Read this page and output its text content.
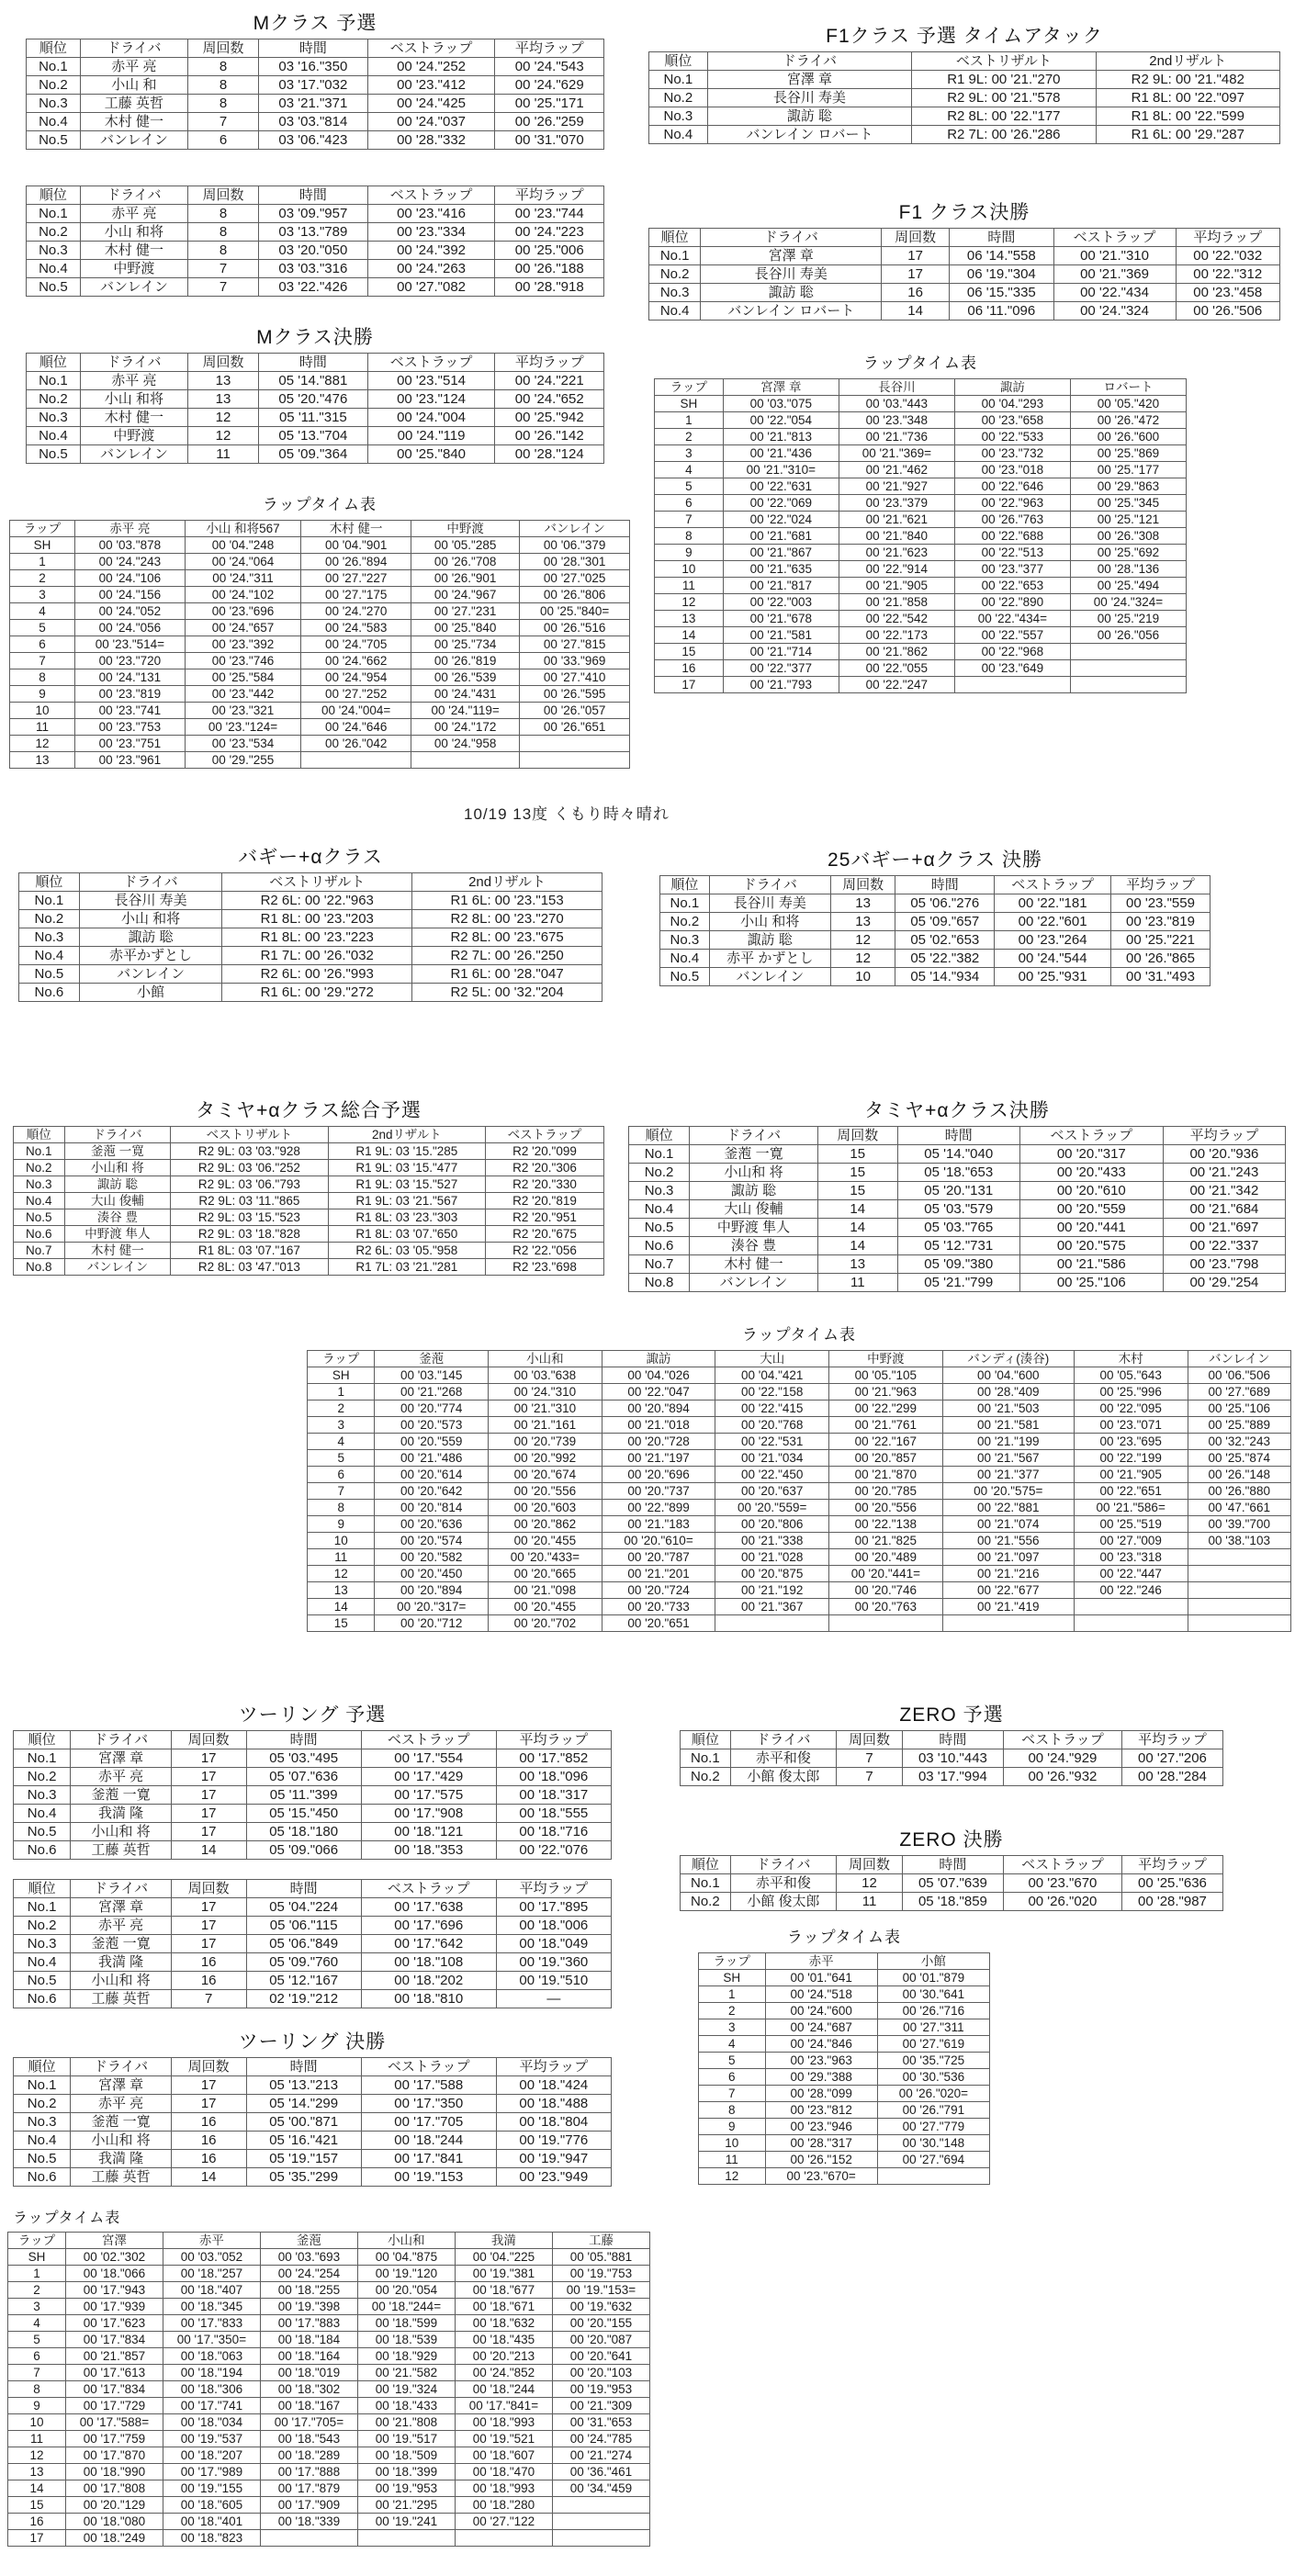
Mクラス 予選
順位	ドライバ	周回数	時間	ベストラップ	平均ラップ
No.1	赤平 亮	8	03 '16."350	00 '24."252	00 '24."543
No.2	小山 和	8	03 '17."032	00 '23."412	00 '24."629
No.3	工藤 英哲	8	03 '21."371	00 '24."425	00 '25."171
No.4	木村 健一	7	03 '03."814	00 '24."037	00 '26."259
No.5	バンレイン	6	03 '06."423	00 '28."332	00 '31."070
順位	ドライバ	周回数	時間	ベストラップ	平均ラップ
No.1	赤平 亮	8	03 '09."957	00 '23."416	00 '23."744
No.2	小山 和将	8	03 '13."789	00 '23."334	00 '24."223
No.3	木村 健一	8	03 '20."050	00 '24."392	00 '25."006
No.4	中野渡	7	03 '03."316	00 '24."263	00 '26."188
No.5	バンレイン	7	03 '22."426	00 '27."082	00 '28."918
Mクラス決勝
順位	ドライバ	周回数	時間	ベストラップ	平均ラップ
No.1	赤平 亮	13	05 '14."881	00 '23."514	00 '24."221
No.2	小山 和将	13	05 '20."476	00 '23."124	00 '24."652
No.3	木村 健一	12	05 '11."315	00 '24."004	00 '25."942
No.4	中野渡	12	05 '13."704	00 '24."119	00 '26."142
No.5	バンレイン	11	05 '09."364	00 '25."840	00 '28."124
ラップタイム表
ラップ	赤平 亮	小山 和将567	木村 健一	中野渡	バンレイン
SH	00 '03."878	00 '04."248	00 '04."901	00 '05."285	00 '06."379
1	00 '24."243	00 '24."064	00 '26."894	00 '26."708	00 '28."301
2	00 '24."106	00 '24."311	00 '27."227	00 '26."901	00 '27."025
3	00 '24."156	00 '24."102	00 '27."175	00 '24."967	00 '26."806
4	00 '24."052	00 '23."696	00 '24."270	00 '27."231	00 '25."840=
5	00 '24."056	00 '24."657	00 '24."583	00 '25."840	00 '26."516
6	00 '23."514=	00 '23."392	00 '24."705	00 '25."734	00 '27."815
7	00 '23."720	00 '23."746	00 '24."662	00 '26."819	00 '33."969
8	00 '24."131	00 '25."584	00 '24."954	00 '26."539	00 '27."410
9	00 '23."819	00 '23."442	00 '27."252	00 '24."431	00 '26."595
10	00 '23."741	00 '23."321	00 '24."004=	00 '24."119=	00 '26."057
11	00 '23."753	00 '23."124=	00 '24."646	00 '24."172	00 '26."651
12	00 '23."751	00 '23."534	00 '26."042	00 '24."958	
13	00 '23."961	00 '29."255			
F1クラス 予選 タイムアタック
順位	ドライバ	ベストリザルト	2ndリザルト
No.1	宮澤 章	R1 9L: 00 '21."270	R2 9L: 00 '21."482
No.2	長谷川 寿美	R2 9L: 00 '21."578	R1 8L: 00 '22."097
No.3	諏訪 聡	R2 8L: 00 '22."177	R1 8L: 00 '22."599
No.4	バンレイン ロバート	R2 7L: 00 '26."286	R1 6L: 00 '29."287
F1 クラス決勝
順位	ドライバ	周回数	時間	ベストラップ	平均ラップ
No.1	宮澤 章	17	06 '14."558	00 '21."310	00 '22."032
No.2	長谷川 寿美	17	06 '19."304	00 '21."369	00 '22."312
No.3	諏訪 聡	16	06 '15."335	00 '22."434	00 '23."458
No.4	バンレイン ロバート	14	06 '11."096	00 '24."324	00 '26."506
ラップタイム表
ラップ	宮澤 章	長谷川	諏訪	ロバート
SH	00 '03."075	00 '03."443	00 '04."293	00 '05."420
1	00 '22."054	00 '23."348	00 '23."658	00 '26."472
2	00 '21."813	00 '21."736	00 '22."533	00 '26."600
3	00 '21."436	00 '21."369=	00 '23."732	00 '25."869
4	00 '21."310=	00 '21."462	00 '23."018	00 '25."177
5	00 '22."631	00 '21."927	00 '22."646	00 '29."863
6	00 '22."069	00 '23."379	00 '22."963	00 '25."345
7	00 '22."024	00 '21."621	00 '26."763	00 '25."121
8	00 '21."681	00 '21."840	00 '22."688	00 '26."308
9	00 '21."867	00 '21."623	00 '22."513	00 '25."692
10	00 '21."635	00 '22."914	00 '23."377	00 '28."136
11	00 '21."817	00 '21."905	00 '22."653	00 '25."494
12	00 '22."003	00 '21."858	00 '22."890	00 '24."324=
13	00 '21."678	00 '22."542	00 '22."434=	00 '25."219
14	00 '21."581	00 '22."173	00 '22."557	00 '26."056
15	00 '21."714	00 '21."862	00 '22."968	
16	00 '22."377	00 '22."055	00 '23."649	
17	00 '21."793	00 '22."247		
10/19 13度 くもり時々晴れ
バギー+αクラス
順位	ドライバ	ベストリザルト	2ndリザルト
No.1	長谷川 寿美	R2 6L: 00 '22."963	R1 6L: 00 '23."153
No.2	小山 和将	R1 8L: 00 '23."203	R2 8L: 00 '23."270
No.3	諏訪 聡	R1 8L: 00 '23."223	R2 8L: 00 '23."675
No.4	赤平かずとし	R1 7L: 00 '26."032	R2 7L: 00 '26."250
No.5	バンレイン	R2 6L: 00 '26."993	R1 6L: 00 '28."047
No.6	小館	R1 6L: 00 '29."272	R2 5L: 00 '32."204
25バギー+αクラス 決勝
順位	ドライバ	周回数	時間	ベストラップ	平均ラップ
No.1	長谷川 寿美	13	05 '06."276	00 '22."181	00 '23."559
No.2	小山 和将	13	05 '09."657	00 '22."601	00 '23."819
No.3	諏訪 聡	12	05 '02."653	00 '23."264	00 '25."221
No.4	赤平 かずとし	12	05 '22."382	00 '24."544	00 '26."865
No.5	バンレイン	10	05 '14."934	00 '25."931	00 '31."493
タミヤ+αクラス総合予選
順位	ドライバ	ベストリザルト	2ndリザルト	ベストラップ
No.1	釜萢 一寛	R2 9L: 03 '03."928	R1 9L: 03 '15."285	R2 '20."099
No.2	小山和 将	R2 9L: 03 '06."252	R1 9L: 03 '15."477	R2 '20."306
No.3	諏訪 聡	R2 9L: 03 '06."793	R1 9L: 03 '15."527	R2 '20."330
No.4	大山 俊輔	R2 9L: 03 '11."865	R1 9L: 03 '21."567	R2 '20."819
No.5	湊谷 豊	R2 9L: 03 '15."523	R1 8L: 03 '23."303	R2 '20."951
No.6	中野渡 隼人	R2 9L: 03 '18."828	R1 8L: 03 '07."650	R2 '20."675
No.7	木村 健一	R1 8L: 03 '07."167	R2 6L: 03 '05."958	R2 '22."056
No.8	バンレイン	R2 8L: 03 '47."013	R1 7L: 03 '21."281	R2 '23."698
タミヤ+αクラス決勝
順位	ドライバ	周回数	時間	ベストラップ	平均ラップ
No.1	釜萢 一寛	15	05 '14."040	00 '20."317	00 '20."936
No.2	小山和 将	15	05 '18."653	00 '20."433	00 '21."243
No.3	諏訪 聡	15	05 '20."131	00 '20."610	00 '21."342
No.4	大山 俊輔	14	05 '03."579	00 '20."559	00 '21."684
No.5	中野渡 隼人	14	05 '03."765	00 '20."441	00 '21."697
No.6	湊谷 豊	14	05 '12."731	00 '20."575	00 '22."337
No.7	木村 健一	13	05 '09."380	00 '21."586	00 '23."798
No.8	バンレイン	11	05 '21."799	00 '25."106	00 '29."254
ラップタイム表
ラップ	釜萢	小山和	諏訪	大山	中野渡	バンディ(湊谷)	木村	バンレイン
SH	00 '03."145	00 '03."638	00 '04."026	00 '04."421	00 '05."105	00 '04."600	00 '05."643	00 '06."506
1	00 '21."268	00 '24."310	00 '22."047	00 '22."158	00 '21."963	00 '28."409	00 '25."996	00 '27."689
2	00 '20."774	00 '21."310	00 '20."894	00 '22."415	00 '22."299	00 '21."503	00 '22."095	00 '25."106
3	00 '20."573	00 '21."161	00 '21."018	00 '20."768	00 '21."761	00 '21."581	00 '23."071	00 '25."889
4	00 '20."559	00 '20."739	00 '20."728	00 '22."531	00 '22."167	00 '21."199	00 '23."695	00 '32."243
5	00 '21."486	00 '20."992	00 '21."197	00 '21."034	00 '20."857	00 '21."567	00 '22."199	00 '25."874
6	00 '20."614	00 '20."674	00 '20."696	00 '22."450	00 '21."870	00 '21."377	00 '21."905	00 '26."148
7	00 '20."642	00 '20."556	00 '20."737	00 '20."637	00 '20."785	00 '20."575=	00 '22."651	00 '26."880
8	00 '20."814	00 '20."603	00 '22."899	00 '20."559=	00 '20."556	00 '22."881	00 '21."586=	00 '47."661
9	00 '20."636	00 '20."862	00 '21."183	00 '20."806	00 '22."138	00 '21."074	00 '25."519	00 '39."700
10	00 '20."574	00 '20."455	00 '20."610=	00 '21."338	00 '21."825	00 '21."556	00 '27."009	00 '38."103
11	00 '20."582	00 '20."433=	00 '20."787	00 '21."028	00 '20."489	00 '21."097	00 '23."318	
12	00 '20."450	00 '20."665	00 '21."201	00 '20."875	00 '20."441=	00 '21."216	00 '22."447	
13	00 '20."894	00 '21."098	00 '20."724	00 '21."192	00 '20."746	00 '22."677	00 '22."246	
14	00 '20."317=	00 '20."455	00 '20."733	00 '21."367	00 '20."763	00 '21."419		
15	00 '20."712	00 '20."702	00 '20."651					
ツーリング 予選
順位	ドライバ	周回数	時間	ベストラップ	平均ラップ
No.1	宮澤 章	17	05 '03."495	00 '17."554	00 '17."852
No.2	赤平 亮	17	05 '07."636	00 '17."429	00 '18."096
No.3	釜萢 一寛	17	05 '11."399	00 '17."575	00 '18."317
No.4	我満 隆	17	05 '15."450	00 '17."908	00 '18."555
No.5	小山和 将	17	05 '18."180	00 '18."121	00 '18."716
No.6	工藤 英哲	14	05 '09."066	00 '18."353	00 '22."076
順位	ドライバ	周回数	時間	ベストラップ	平均ラップ
No.1	宮澤 章	17	05 '04."224	00 '17."638	00 '17."895
No.2	赤平 亮	17	05 '06."115	00 '17."696	00 '18."006
No.3	釜萢 一寛	17	05 '06."849	00 '17."642	00 '18."049
No.4	我満 隆	16	05 '09."760	00 '18."108	00 '19."360
No.5	小山和 将	16	05 '12."167	00 '18."202	00 '19."510
No.6	工藤 英哲	7	02 '19."212	00 '18."810	—
ツーリング 決勝
順位	ドライバ	周回数	時間	ベストラップ	平均ラップ
No.1	宮澤 章	17	05 '13."213	00 '17."588	00 '18."424
No.2	赤平 亮	17	05 '14."299	00 '17."350	00 '18."488
No.3	釜萢 一寛	16	05 '00."871	00 '17."705	00 '18."804
No.4	小山和 将	16	05 '16."421	00 '18."244	00 '19."776
No.5	我満 隆	16	05 '19."157	00 '17."841	00 '19."947
No.6	工藤 英哲	14	05 '35."299	00 '19."153	00 '23."949
ラップタイム表
ラップ	宮澤	赤平	釜萢	小山和	我満	工藤
SH	00 '02."302	00 '03."052	00 '03."693	00 '04."875	00 '04."225	00 '05."881
1	00 '18."066	00 '18."257	00 '24."254	00 '19."120	00 '19."381	00 '19."753
2	00 '17."943	00 '18."407	00 '18."255	00 '20."054	00 '18."677	00 '19."153=
3	00 '17."939	00 '18."345	00 '19."398	00 '18."244=	00 '18."671	00 '19."632
4	00 '17."623	00 '17."833	00 '17."883	00 '18."599	00 '18."632	00 '20."155
5	00 '17."834	00 '17."350=	00 '18."184	00 '18."539	00 '18."435	00 '20."087
6	00 '21."857	00 '18."063	00 '18."164	00 '18."929	00 '20."213	00 '20."641
7	00 '17."613	00 '18."194	00 '18."019	00 '21."582	00 '24."852	00 '20."103
8	00 '17."834	00 '18."306	00 '18."302	00 '19."324	00 '18."244	00 '19."953
9	00 '17."729	00 '17."741	00 '18."167	00 '18."433	00 '17."841=	00 '21."309
10	00 '17."588=	00 '18."034	00 '17."705=	00 '21."808	00 '18."993	00 '31."653
11	00 '17."759	00 '19."537	00 '18."543	00 '19."517	00 '19."521	00 '24."785
12	00 '17."870	00 '18."207	00 '18."289	00 '18."509	00 '18."607	00 '21."274
13	00 '18."990	00 '17."989	00 '17."888	00 '18."399	00 '18."470	00 '36."461
14	00 '17."808	00 '19."155	00 '17."879	00 '19."953	00 '18."993	00 '34."459
15	00 '20."129	00 '18."605	00 '17."909	00 '21."295	00 '18."280	
16	00 '18."080	00 '18."401	00 '18."339	00 '19."241	00 '27."122	
17	00 '18."249	00 '18."823				
ZERO 予選
順位	ドライバ	周回数	時間	ベストラップ	平均ラップ
No.1	赤平和俊	7	03 '10."443	00 '24."929	00 '27."206
No.2	小館 俊太郎	7	03 '17."994	00 '26."932	00 '28."284
ZERO 決勝
順位	ドライバ	周回数	時間	ベストラップ	平均ラップ
No.1	赤平和俊	12	05 '07."639	00 '23."670	00 '25."636
No.2	小館 俊太郎	11	05 '18."859	00 '26."020	00 '28."987
ラップタイム表
ラップ	赤平	小館
SH	00 '01."641	00 '01."879
1	00 '24."518	00 '30."641
2	00 '24."600	00 '26."716
3	00 '24."687	00 '27."311
4	00 '24."846	00 '27."619
5	00 '23."963	00 '35."725
6	00 '29."388	00 '30."536
7	00 '28."099	00 '26."020=
8	00 '23."812	00 '26."791
9	00 '23."946	00 '27."779
10	00 '28."317	00 '30."148
11	00 '26."152	00 '27."694
12	00 '23."670=	
